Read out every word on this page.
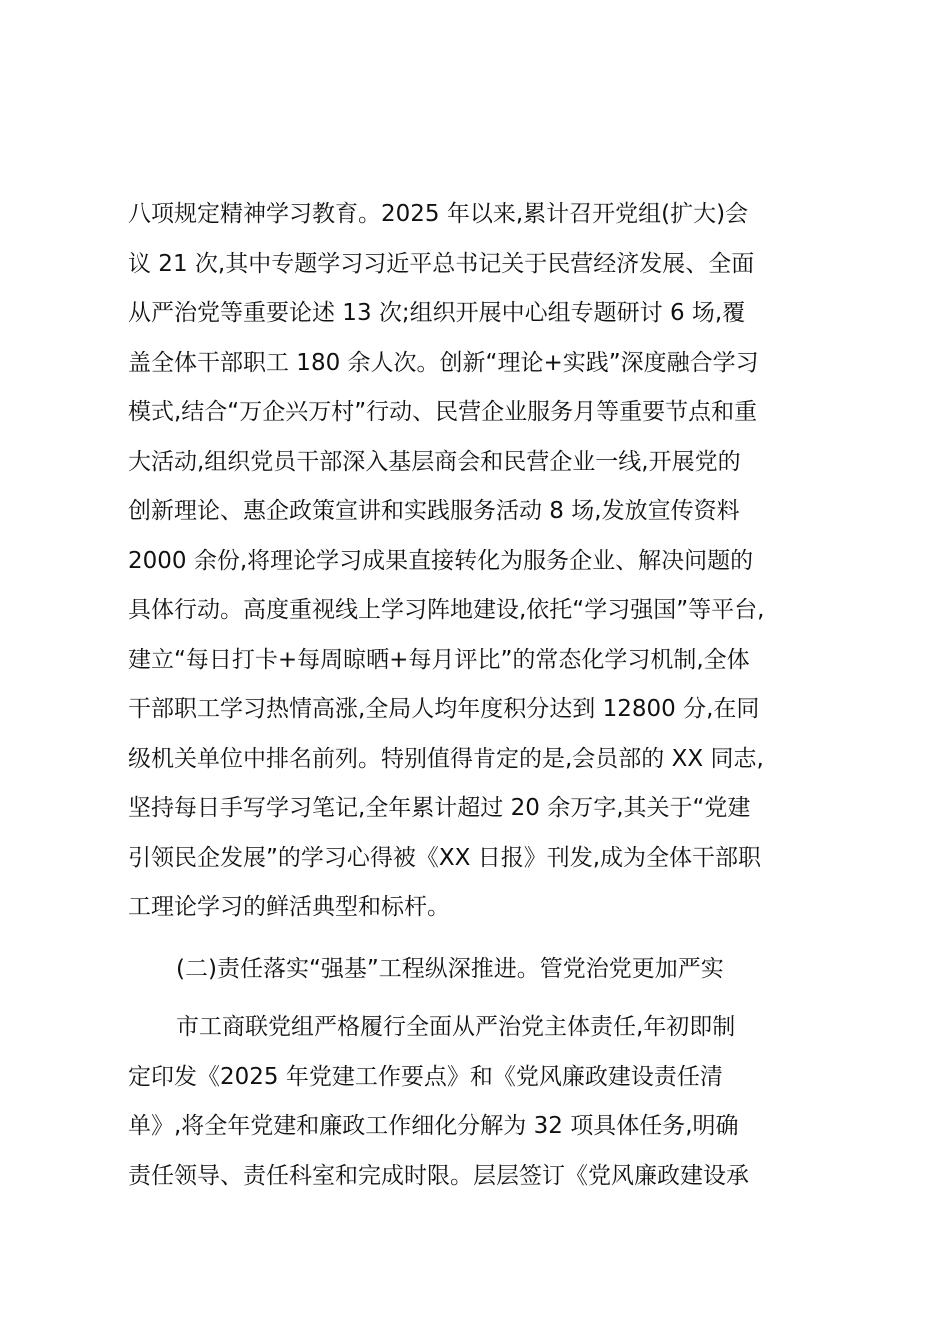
八项规定精神学习教育。2025 年以来,累计召开党组(扩大)会
议 21 次,其中专题学习习近平总书记关于民营经济发展、全面
从严治党等重要论述 13 次;组织开展中心组专题研讨 6 场,覆
盖全体干部职工 180 余人次。创新“理论+实践”深度融合学习
模式,结合“万企兴万村”行动、民营企业服务月等重要节点和重
大活动,组织党员干部深入基层商会和民营企业一线,开展党的
创新理论、惠企政策宣讲和实践服务活动 8 场,发放宣传资料
2000 余份,将理论学习成果直接转化为服务企业、解决问题的
具体行动。高度重视线上学习阵地建设,依托“学习强国”等平台,
建立“每日打卡+每周晾晒+每月评比”的常态化学习机制,全体
干部职工学习热情高涨,全局人均年度积分达到 12800 分,在同
级机关单位中排名前列。特别值得肯定的是,会员部的 XX 同志,
坚持每日手写学习笔记,全年累计超过 20 余万字,其关于“党建
引领民企发展”的学习心得被《XX 日报》刊发,成为全体干部职
工理论学习的鲜活典型和标杆。
(二)责任落实“强基”工程纵深推进。管党治党更加严实
市工商联党组严格履行全面从严治党主体责任,年初即制
定印发《2025 年党建工作要点》和《党风廉政建设责任清
单》,将全年党建和廉政工作细化分解为 32 项具体任务,明确
责任领导、责任科室和完成时限。层层签订《党风廉政建设承
